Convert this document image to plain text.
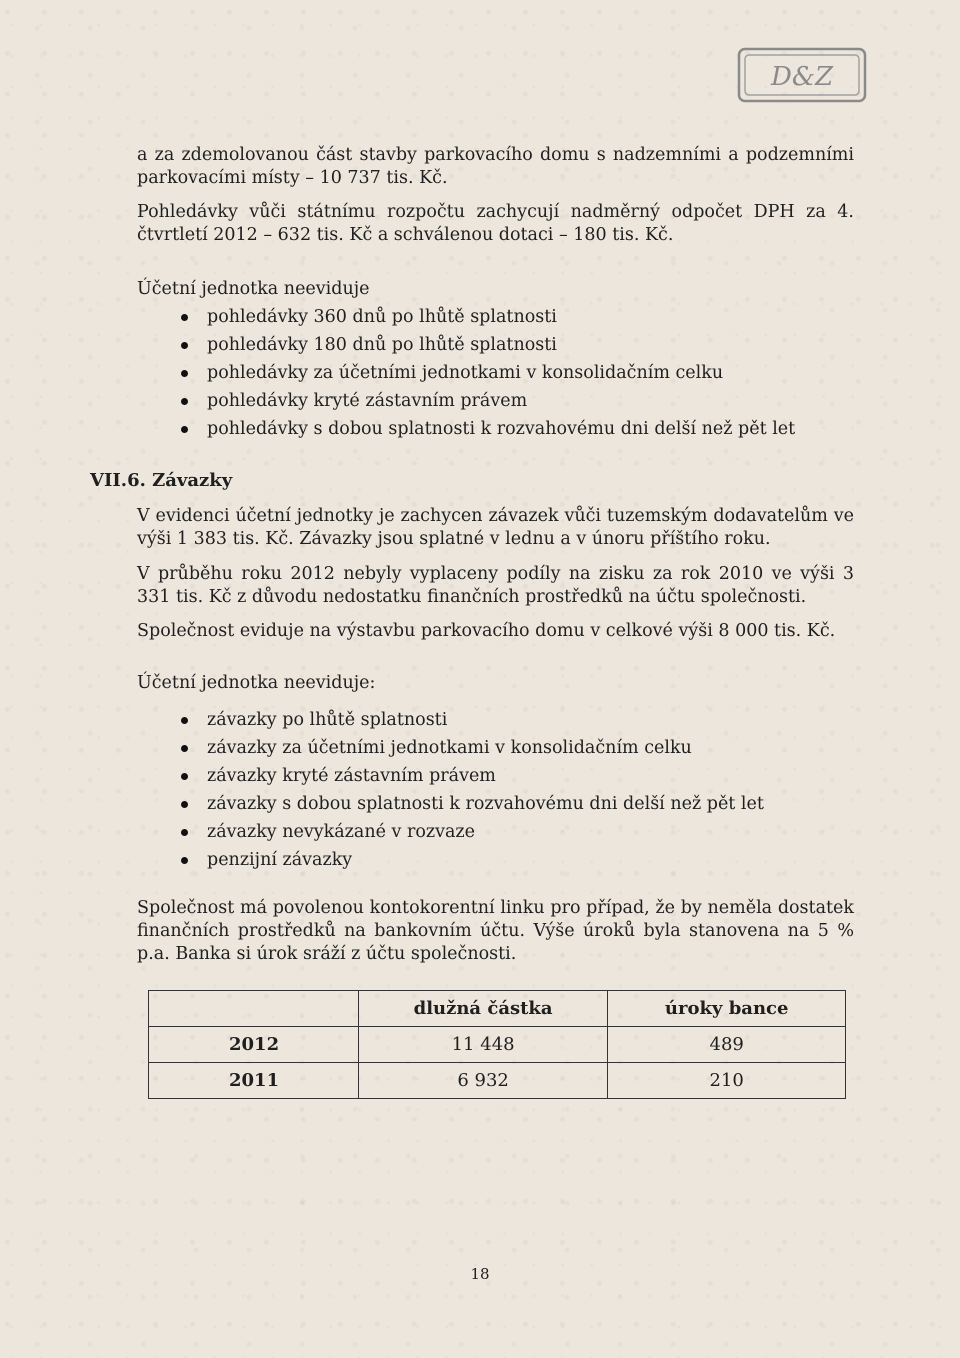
D&Z
a za zdemolovanou část stavby parkovacího domu s nadzemními a podzemními parkovacími místy – 10 737 tis. Kč.
Pohledávky vůči státnímu rozpočtu zachycují nadměrný odpočet DPH za 4. čtvrtletí 2012 – 632 tis. Kč a schválenou dotaci – 180 tis. Kč.
Účetní jednotka neeviduje
pohledávky 360 dnů po lhůtě splatnosti
pohledávky 180 dnů po lhůtě splatnosti
pohledávky za účetními jednotkami v konsolidačním celku
pohledávky kryté zástavním právem
pohledávky s dobou splatnosti k rozvahovému dni delší než pět let
VII.6. Závazky
V evidenci účetní jednotky je zachycen závazek vůči tuzemským dodavatelům ve výši 1 383 tis. Kč. Závazky jsou splatné v lednu a v únoru příštího roku.
V průběhu roku 2012 nebyly vyplaceny podíly na zisku za rok 2010 ve výši 3 331 tis. Kč z důvodu nedostatku finančních prostředků na účtu společnosti.
Společnost eviduje na výstavbu parkovacího domu v celkové výši 8 000 tis. Kč.
Účetní jednotka neeviduje:
závazky po lhůtě splatnosti
závazky za účetními jednotkami v konsolidačním celku
závazky kryté zástavním právem
závazky s dobou splatnosti k rozvahovému dni delší než pět let
závazky nevykázané v rozvaze
penzijní závazky
Společnost má povolenou kontokorentní linku pro případ, že by neměla dostatek finančních prostředků na bankovním účtu. Výše úroků byla stanovena na 5 % p.a. Banka si úrok sráží z účtu společnosti.
	dlužná částka	úroky bance
2012	11 448	489
2011	6 932	210
18
